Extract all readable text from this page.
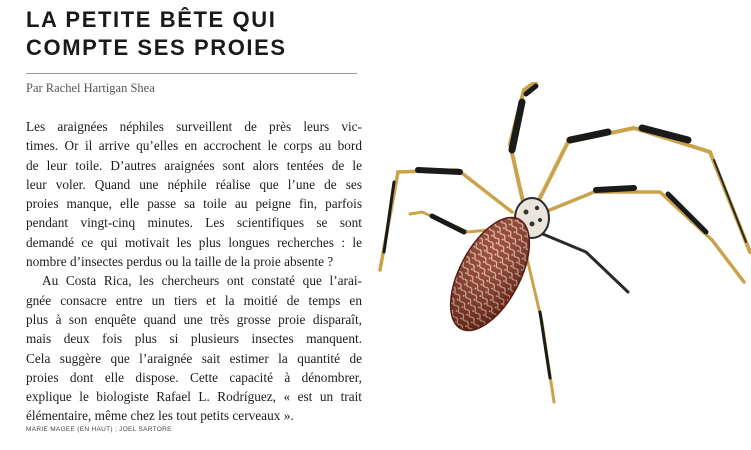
LA PETITE BÊTE QUI
COMPTE SES PROIES
Par Rachel Hartigan Shea
Les araignées néphiles surveillent de près leurs vic-
times. Or il arrive qu’elles en accrochent le corps au bord
de leur toile. D’autres araignées sont alors tentées de le
leur voler. Quand une néphile réalise que l’une de ses
proies manque, elle passe sa toile au peigne fin, parfois
pendant vingt-cinq minutes. Les scientifiques se sont
demandé ce qui motivait les plus longues recherches : le
nombre d’insectes perdus ou la taille de la proie absente ?
Au Costa Rica, les chercheurs ont constaté que l’arai-
gnée consacre entre un tiers et la moitié de temps en
plus à son enquête quand une très grosse proie disparaît,
mais deux fois plus si plusieurs insectes manquent.
Cela suggère que l’araignée sait estimer la quantité de
proies dont elle dispose. Cette capacité à dénombrer,
explique le biologiste Rafael L. Rodríguez, « est un trait
élémentaire, même chez les tout petits cerveaux ».
MARIE MAGEE (EN HAUT) ; JOEL SARTORE
